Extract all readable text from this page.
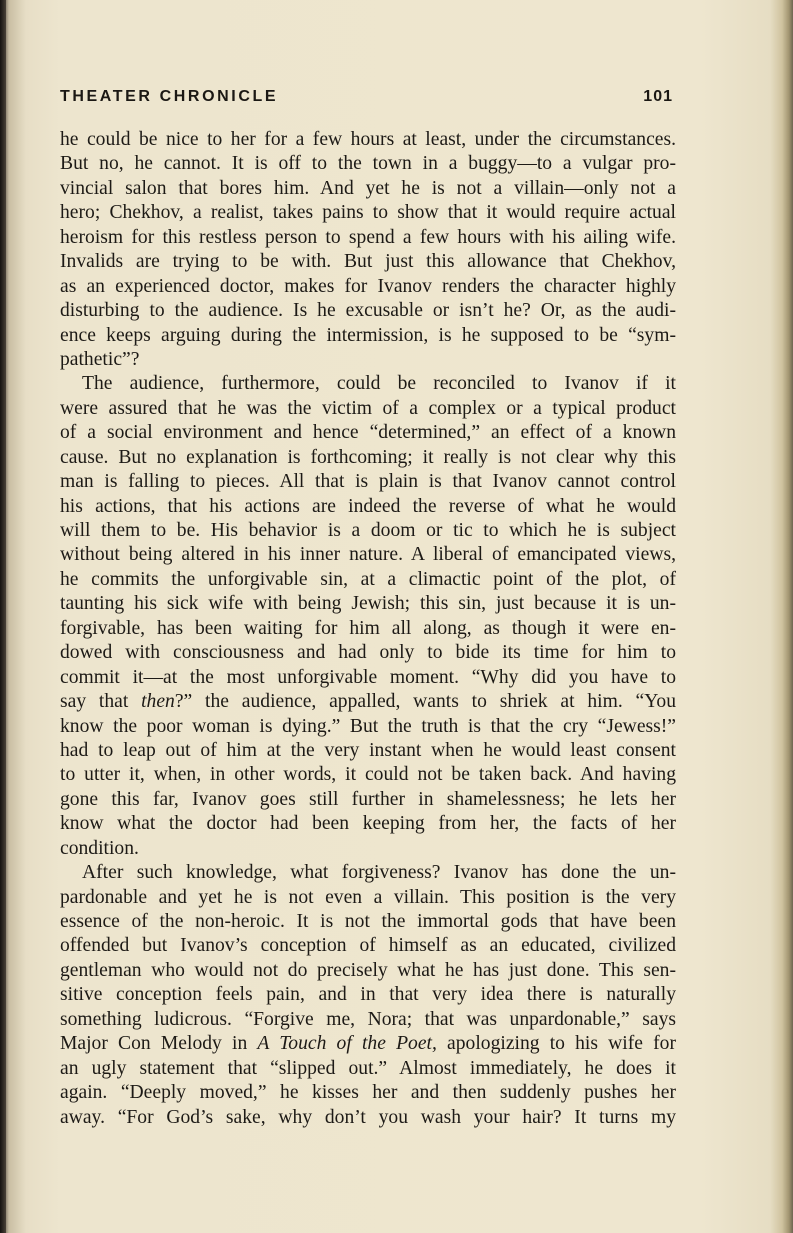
THEATER CHRONICLE	101
he could be nice to her for a few hours at least, under the circumstances.
But no, he cannot. It is off to the town in a buggy—to a vulgar pro-
vincial salon that bores him. And yet he is not a villain—only not a
hero; Chekhov, a realist, takes pains to show that it would require actual
heroism for this restless person to spend a few hours with his ailing wife.
Invalids are trying to be with. But just this allowance that Chekhov,
as an experienced doctor, makes for Ivanov renders the character highly
disturbing to the audience. Is he excusable or isn’t he? Or, as the audi-
ence keeps arguing during the intermission, is he supposed to be “sym-
pathetic”?
The audience, furthermore, could be reconciled to Ivanov if it
were assured that he was the victim of a complex or a typical product
of a social environment and hence “determined,” an effect of a known
cause. But no explanation is forthcoming; it really is not clear why this
man is falling to pieces. All that is plain is that Ivanov cannot control
his actions, that his actions are indeed the reverse of what he would
will them to be. His behavior is a doom or tic to which he is subject
without being altered in his inner nature. A liberal of emancipated views,
he commits the unforgivable sin, at a climactic point of the plot, of
taunting his sick wife with being Jewish; this sin, just because it is un-
forgivable, has been waiting for him all along, as though it were en-
dowed with consciousness and had only to bide its time for him to
commit it—at the most unforgivable moment. “Why did you have to
say that then?” the audience, appalled, wants to shriek at him. “You
know the poor woman is dying.” But the truth is that the cry “Jewess!”
had to leap out of him at the very instant when he would least consent
to utter it, when, in other words, it could not be taken back. And having
gone this far, Ivanov goes still further in shamelessness; he lets her
know what the doctor had been keeping from her, the facts of her
condition.
After such knowledge, what forgiveness? Ivanov has done the un-
pardonable and yet he is not even a villain. This position is the very
essence of the non-heroic. It is not the immortal gods that have been
offended but Ivanov’s conception of himself as an educated, civilized
gentleman who would not do precisely what he has just done. This sen-
sitive conception feels pain, and in that very idea there is naturally
something ludicrous. “Forgive me, Nora; that was unpardonable,” says
Major Con Melody in A Touch of the Poet, apologizing to his wife for
an ugly statement that “slipped out.” Almost immediately, he does it
again. “Deeply moved,” he kisses her and then suddenly pushes her
away. “For God’s sake, why don’t you wash your hair? It turns my
